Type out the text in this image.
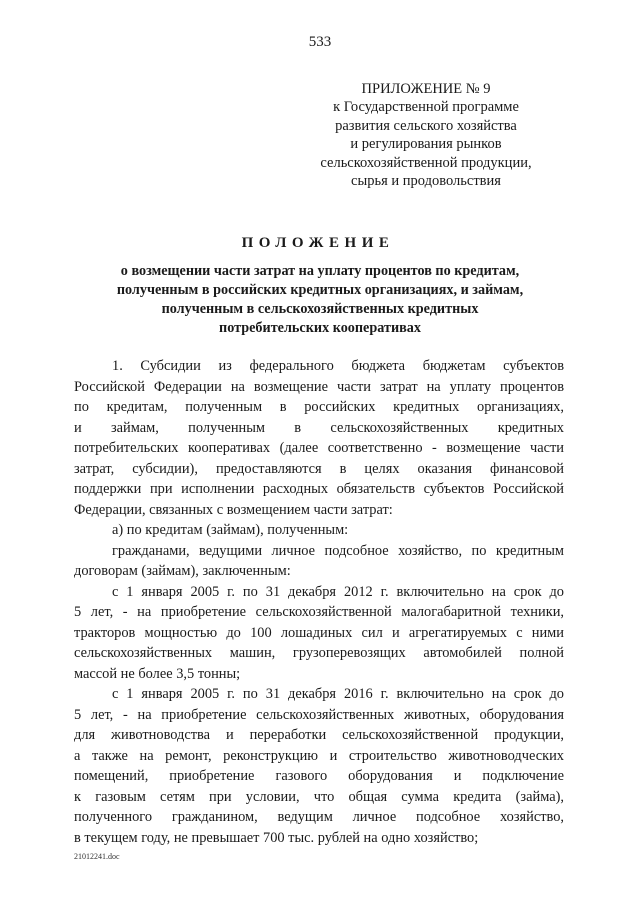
533
ПРИЛОЖЕНИЕ № 9
к Государственной программе
развития сельского хозяйства
и регулирования рынков
сельскохозяйственной продукции,
сырья и продовольствия
ПОЛОЖЕНИЕ
о возмещении части затрат на уплату процентов по кредитам,
полученным в российских кредитных организациях, и займам,
полученным в сельскохозяйственных кредитных
потребительских кооперативах
1. Субсидии из федерального бюджета бюджетам субъектов
Российской Федерации на возмещение части затрат на уплату процентов
по кредитам, полученным в российских кредитных организациях,
и займам, полученным в сельскохозяйственных кредитных
потребительских кооперативах (далее соответственно - возмещение части
затрат, субсидии), предоставляются в целях оказания финансовой
поддержки при исполнении расходных обязательств субъектов Российской
Федерации, связанных с возмещением части затрат:
а) по кредитам (займам), полученным:
гражданами, ведущими личное подсобное хозяйство, по кредитным
договорам (займам), заключенным:
с 1 января 2005 г. по 31 декабря 2012 г. включительно на срок до
5 лет, - на приобретение сельскохозяйственной малогабаритной техники,
тракторов мощностью до 100 лошадиных сил и агрегатируемых с ними
сельскохозяйственных машин, грузоперевозящих автомобилей полной
массой не более 3,5 тонны;
с 1 января 2005 г. по 31 декабря 2016 г. включительно на срок до
5 лет, - на приобретение сельскохозяйственных животных, оборудования
для животноводства и переработки сельскохозяйственной продукции,
а также на ремонт, реконструкцию и строительство животноводческих
помещений, приобретение газового оборудования и подключение
к газовым сетям при условии, что общая сумма кредита (займа),
полученного гражданином, ведущим личное подсобное хозяйство,
в текущем году, не превышает 700 тыс. рублей на одно хозяйство;
21012241.doc
